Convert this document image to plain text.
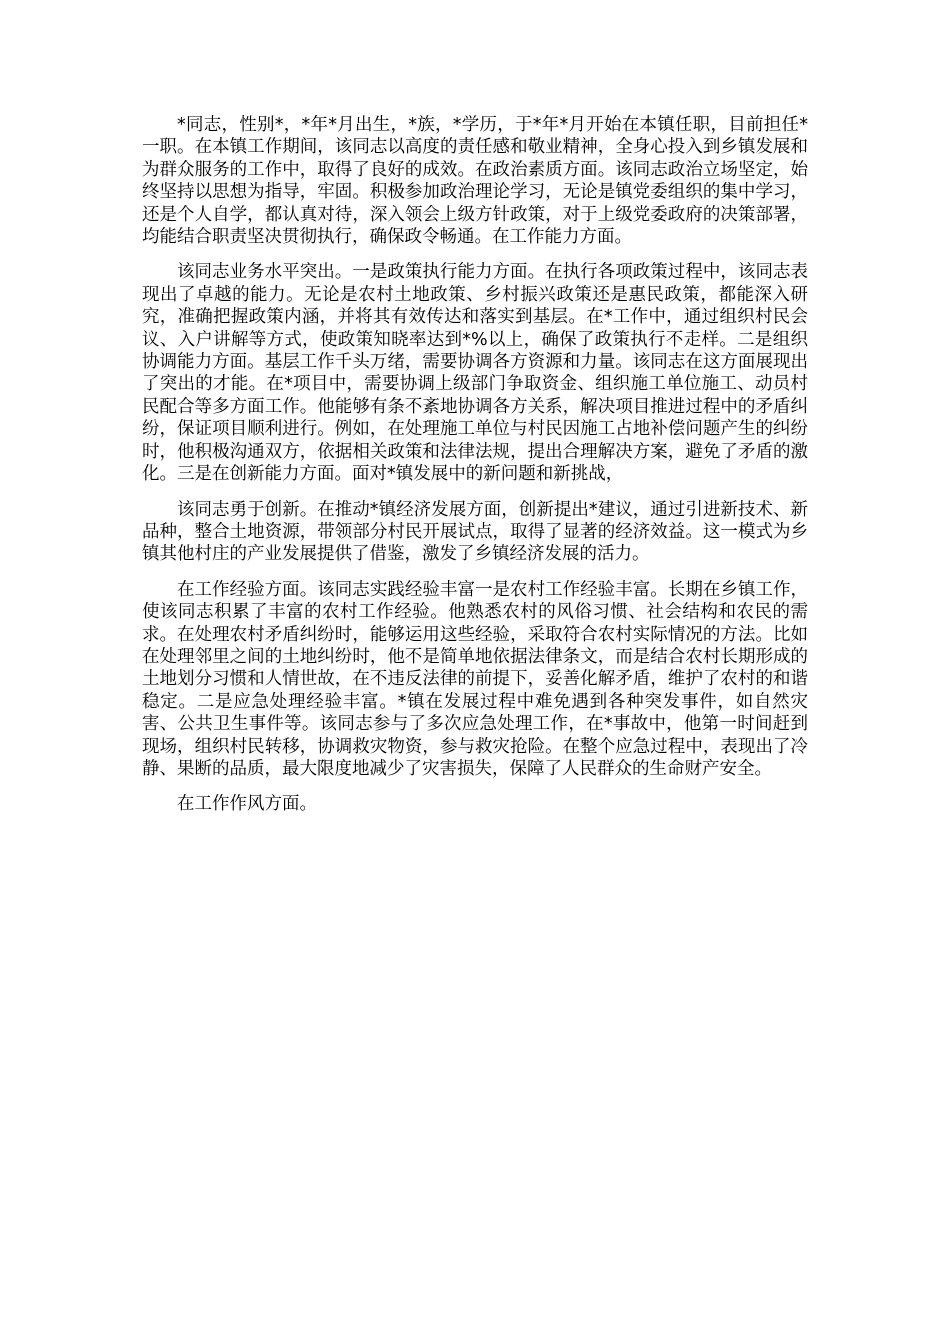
*同志，性别*，*年*月出生，*族，*学历，于*年*月开始在本镇任职，目前担任*一职。在本镇工作期间，该同志以高度的责任感和敬业精神，全身心投入到乡镇发展和为群众服务的工作中，取得了良好的成效。在政治素质方面。该同志政治立场坚定，始终坚持以思想为指导，牢固。积极参加政治理论学习，无论是镇党委组织的集中学习，还是个人自学，都认真对待，深入领会上级方针政策，对于上级党委政府的决策部署，均能结合职责坚决贯彻执行，确保政令畅通。在工作能力方面。

该同志业务水平突出。一是政策执行能力方面。在执行各项政策过程中，该同志表现出了卓越的能力。无论是农村土地政策、乡村振兴政策还是惠民政策，都能深入研究，准确把握政策内涵，并将其有效传达和落实到基层。在*工作中，通过组织村民会议、入户讲解等方式，使政策知晓率达到*%以上，确保了政策执行不走样。二是组织协调能力方面。基层工作千头万绪，需要协调各方资源和力量。该同志在这方面展现出了突出的才能。在*项目中，需要协调上级部门争取资金、组织施工单位施工、动员村民配合等多方面工作。他能够有条不紊地协调各方关系，解决项目推进过程中的矛盾纠纷，保证项目顺利进行。例如，在处理施工单位与村民因施工占地补偿问题产生的纠纷时，他积极沟通双方，依据相关政策和法律法规，提出合理解决方案，避免了矛盾的激化。三是在创新能力方面。面对*镇发展中的新问题和新挑战，

该同志勇于创新。在推动*镇经济发展方面，创新提出*建议，通过引进新技术、新品种，整合土地资源，带领部分村民开展试点，取得了显著的经济效益。这一模式为乡镇其他村庄的产业发展提供了借鉴，激发了乡镇经济发展的活力。

在工作经验方面。该同志实践经验丰富一是农村工作经验丰富。长期在乡镇工作，使该同志积累了丰富的农村工作经验。他熟悉农村的风俗习惯、社会结构和农民的需求。在处理农村矛盾纠纷时，能够运用这些经验，采取符合农村实际情况的方法。比如在处理邻里之间的土地纠纷时，他不是简单地依据法律条文，而是结合农村长期形成的土地划分习惯和人情世故，在不违反法律的前提下，妥善化解矛盾，维护了农村的和谐稳定。二是应急处理经验丰富。*镇在发展过程中难免遇到各种突发事件，如自然灾害、公共卫生事件等。该同志参与了多次应急处理工作，在*事故中，他第一时间赶到现场，组织村民转移，协调救灾物资，参与救灾抢险。在整个应急过程中，表现出了冷静、果断的品质，最大限度地减少了灾害损失，保障了人民群众的生命财产安全。

在工作作风方面。
